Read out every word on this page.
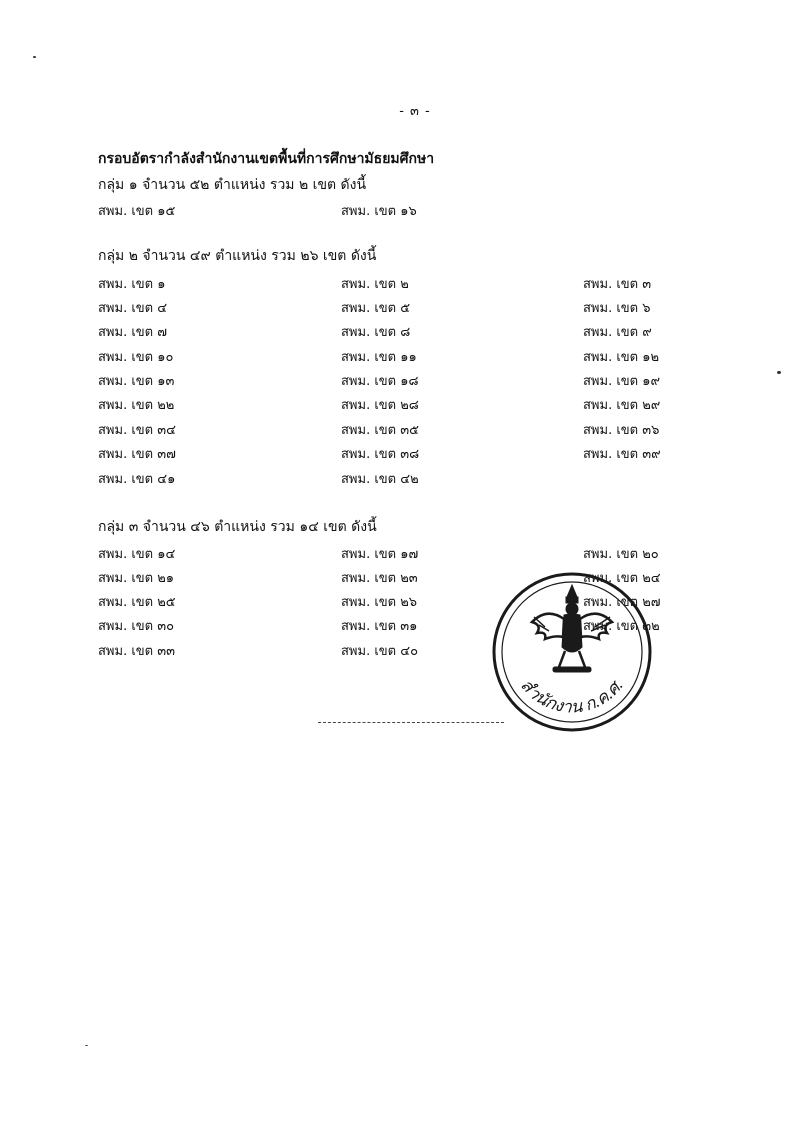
- ๓ -
กรอบอัตรากำลังสำนักงานเขตพื้นที่การศึกษามัธยมศึกษา
กลุ่ม ๑ จำนวน ๕๒ ตำแหน่ง รวม ๒ เขต ดังนี้
สพม. เขต ๑๕	สพม. เขต ๑๖
กลุ่ม ๒ จำนวน ๔๙ ตำแหน่ง รวม ๒๖ เขต ดังนี้
สพม. เขต ๑	สพม. เขต ๒	สพม. เขต ๓
สพม. เขต ๔	สพม. เขต ๕	สพม. เขต ๖
สพม. เขต ๗	สพม. เขต ๘	สพม. เขต ๙
สพม. เขต ๑๐	สพม. เขต ๑๑	สพม. เขต ๑๒
สพม. เขต ๑๓	สพม. เขต ๑๘	สพม. เขต ๑๙
สพม. เขต ๒๒	สพม. เขต ๒๘	สพม. เขต ๒๙
สพม. เขต ๓๔	สพม. เขต ๓๕	สพม. เขต ๓๖
สพม. เขต ๓๗	สพม. เขต ๓๘	สพม. เขต ๓๙
สพม. เขต ๔๑	สพม. เขต ๔๒
กลุ่ม ๓ จำนวน ๔๖ ตำแหน่ง รวม ๑๔ เขต ดังนี้
สพม. เขต ๑๔	สพม. เขต ๑๗	สพม. เขต ๒๐
สพม. เขต ๒๑	สพม. เขต ๒๓	สพม. เขต ๒๔
สพม. เขต ๒๕	สพม. เขต ๒๖	สพม. เขต ๒๗
สพม. เขต ๓๐	สพม. เขต ๓๑	สพม. เขต ๓๒
สพม. เขต ๓๓	สพม. เขต ๔๐
สำนักงาน ก.ค.ศ.
